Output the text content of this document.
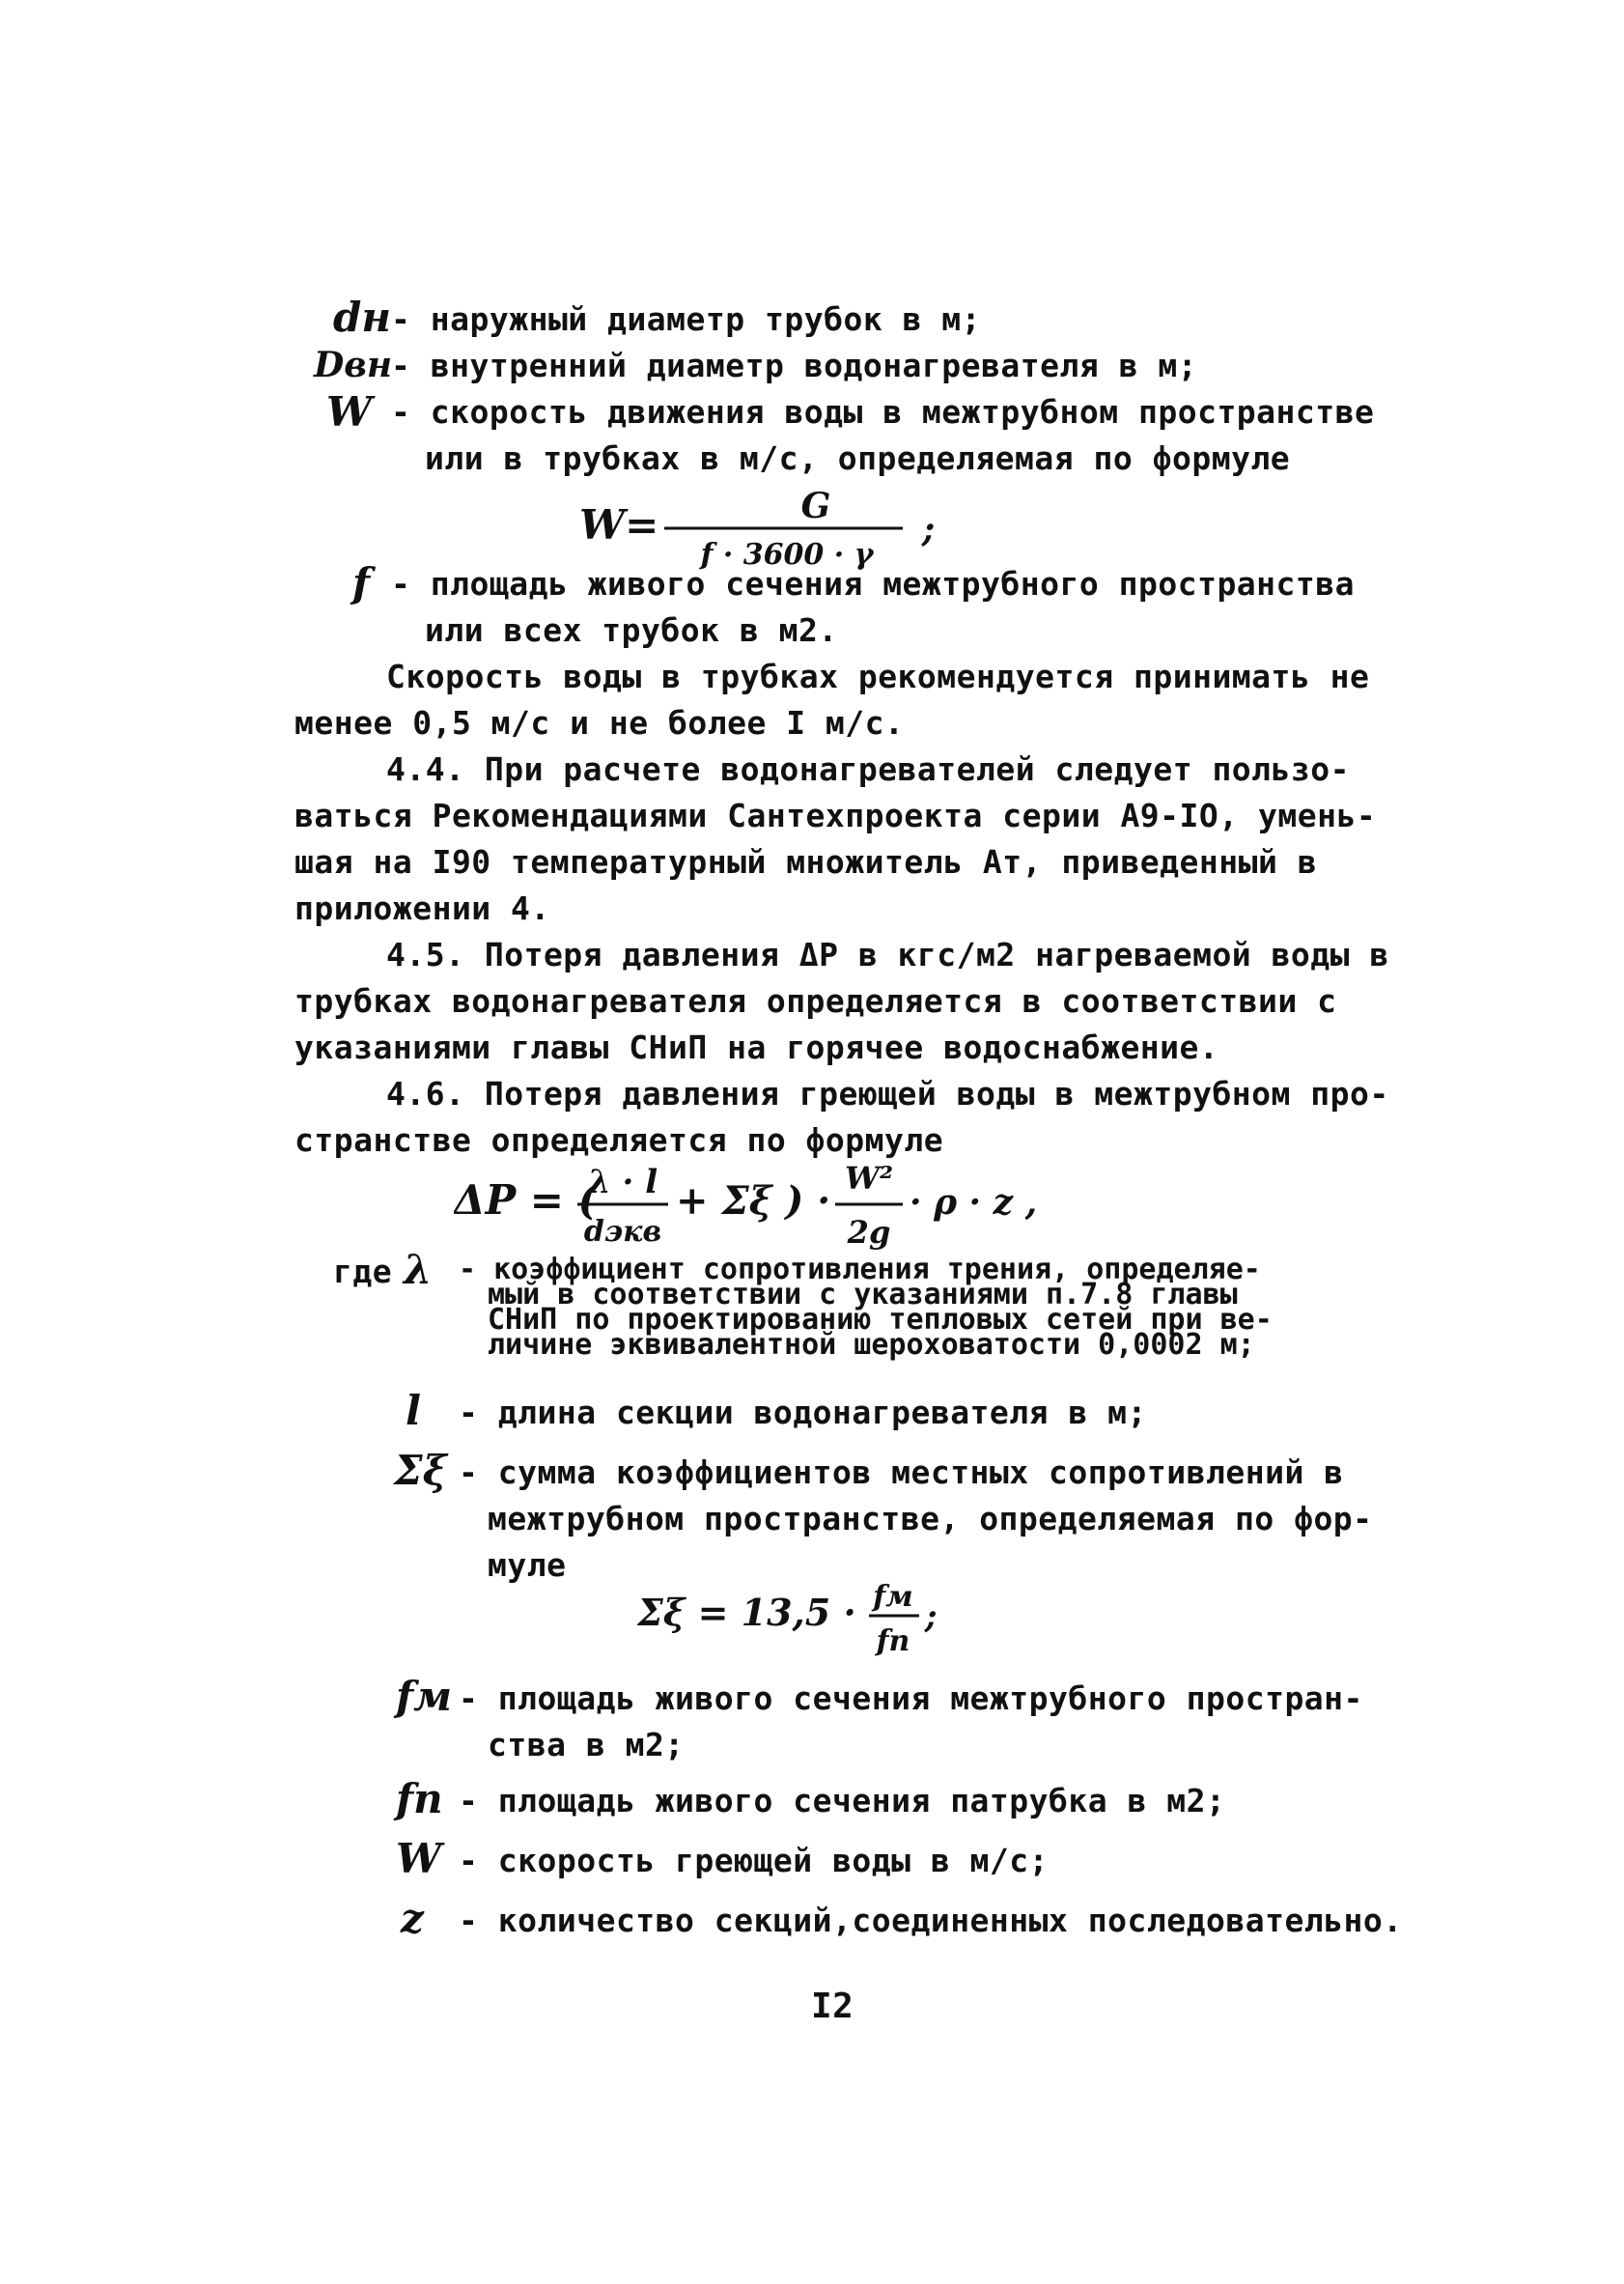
dн - наружный диаметр трубок в м;
Dвн
- внутренний диаметр водонагревателя в м;
W - скорость движения воды в межтрубном пространстве
или в трубках в м/с, определяемая по формуле
W=	G
f · 3600 · γ
;
f - площадь живого сечения межтрубного пространства
или всех трубок в м2.
Скорость воды в трубках рекомендуется принимать не
менее 0,5 м/с и не более I м/с.
4.4. При расчете водонагревателей следует пользо-
ваться Рекомендациями Сантехпроекта серии А9-IO, умень-
шая на I90 температурный множитель Aт, приведенный в
приложении 4.
4.5. Потеря давления ΔP в кгс/м2 нагреваемой воды в
трубках водонагревателя определяется в соответствии с
указаниями главы СНиП на горячее водоснабжение.
4.6. Потеря давления греющей воды в межтрубном про-
странстве определяется по формуле
ΔP = (
λ · l
dэкв
+ Σξ ) · W²
2g
· ρ · z ,
где λ - коэффициент сопротивления трения, определяе-
мый в соответствии с указаниями п.7.8 главы
СНиП по проектированию тепловых сетей при ве-
личине эквивалентной шероховатости 0,0002 м;
l - длина секции водонагревателя в м;
Σξ - сумма коэффициентов местных сопротивлений в
межтрубном пространстве, определяемая по фор-
муле
Σξ = 13,5 · fм
fп
;
fм - площадь живого сечения межтрубного простран-
ства в м2;
fп - площадь живого сечения патрубка в м2;
W - скорость греющей воды в м/с;
z - количество секций,соединенных последовательно.
I2
